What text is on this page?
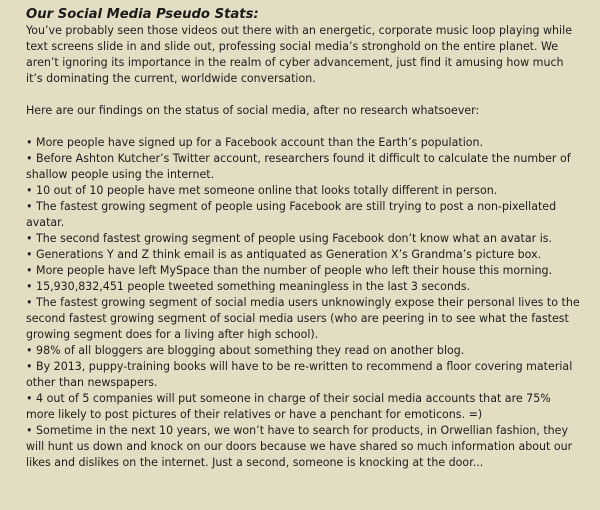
Our Social Media Pseudo Stats:

You’ve probably seen those videos out there with an energetic, corporate music loop playing while text screens slide in and slide out, professing social media’s stronghold on the entire planet. We aren’t ignoring its importance in the realm of cyber advancement, just find it amusing how much it’s dominating the current, worldwide conversation.

Here are our findings on the status of social media, after no research whatsoever:

• More people have signed up for a Facebook account than the Earth’s population.
• Before Ashton Kutcher’s Twitter account, researchers found it difficult to calculate the number of shallow people using the internet.
• 10 out of 10 people have met someone online that looks totally different in person.
• The fastest growing segment of people using Facebook are still trying to post a non-pixellated avatar.
• The second fastest growing segment of people using Facebook don’t know what an avatar is.
• Generations Y and Z think email is as antiquated as Generation X’s Grandma’s picture box.
• More people have left MySpace than the number of people who left their house this morning.
• 15,930,832,451 people tweeted something meaningless in the last 3 seconds.
• The fastest growing segment of social media users unknowingly expose their personal lives to the second fastest growing segment of social media users (who are peering in to see what the fastest growing segment does for a living after high school).
• 98% of all bloggers are blogging about something they read on another blog.
• By 2013, puppy-training books will have to be re-written to recommend a floor covering material other than newspapers.
• 4 out of 5 companies will put someone in charge of their social media accounts that are 75% more likely to post pictures of their relatives or have a penchant for emoticons. =)
• Sometime in the next 10 years, we won’t have to search for products, in Orwellian fashion, they will hunt us down and knock on our doors because we have shared so much information about our likes and dislikes on the internet. Just a second, someone is knocking at the door...
